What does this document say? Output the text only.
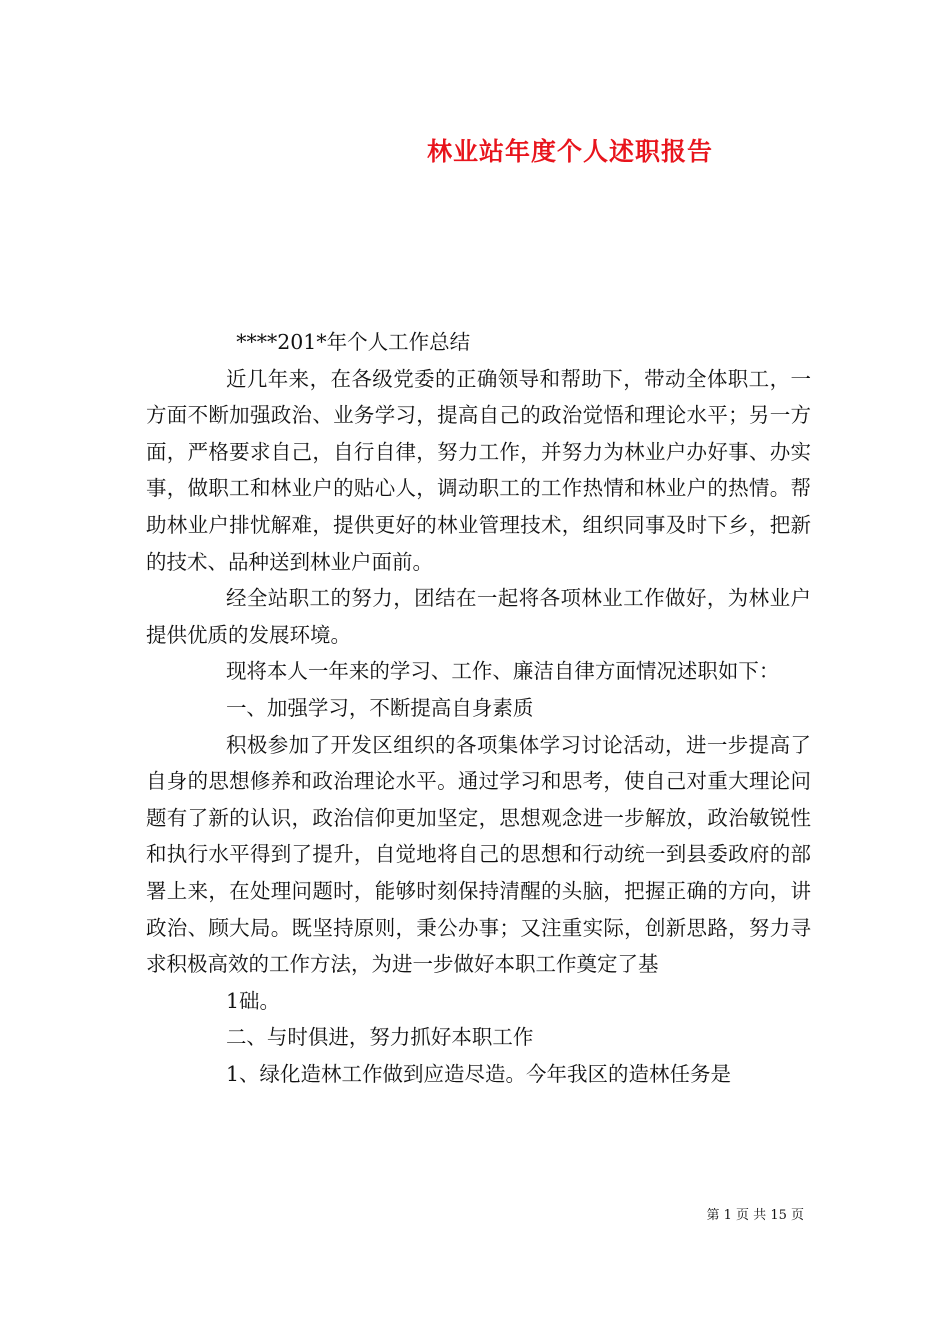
林业站年度个人述职报告

****201*年个人工作总结

近几年来，在各级党委的正确领导和帮助下，带动全体职工，一方面不断加强政治、业务学习，提高自己的政治觉悟和理论水平；另一方面，严格要求自己，自行自律，努力工作，并努力为林业户办好事、办实事，做职工和林业户的贴心人，调动职工的工作热情和林业户的热情。帮助林业户排忧解难，提供更好的林业管理技术，组织同事及时下乡，把新的技术、品种送到林业户面前。

经全站职工的努力，团结在一起将各项林业工作做好，为林业户提供优质的发展环境。

现将本人一年来的学习、工作、廉洁自律方面情况述职如下：

一、加强学习，不断提高自身素质

积极参加了开发区组织的各项集体学习讨论活动，进一步提高了自身的思想修养和政治理论水平。通过学习和思考，使自己对重大理论问题有了新的认识，政治信仰更加坚定，思想观念进一步解放，政治敏锐性和执行水平得到了提升，自觉地将自己的思想和行动统一到县委政府的部署上来，在处理问题时，能够时刻保持清醒的头脑，把握正确的方向，讲政治、顾大局。既坚持原则，秉公办事；又注重实际，创新思路，努力寻求积极高效的工作方法，为进一步做好本职工作奠定了基

1础。

二、与时俱进，努力抓好本职工作

1、绿化造林工作做到应造尽造。今年我区的造林任务是

第 1 页 共 15 页
